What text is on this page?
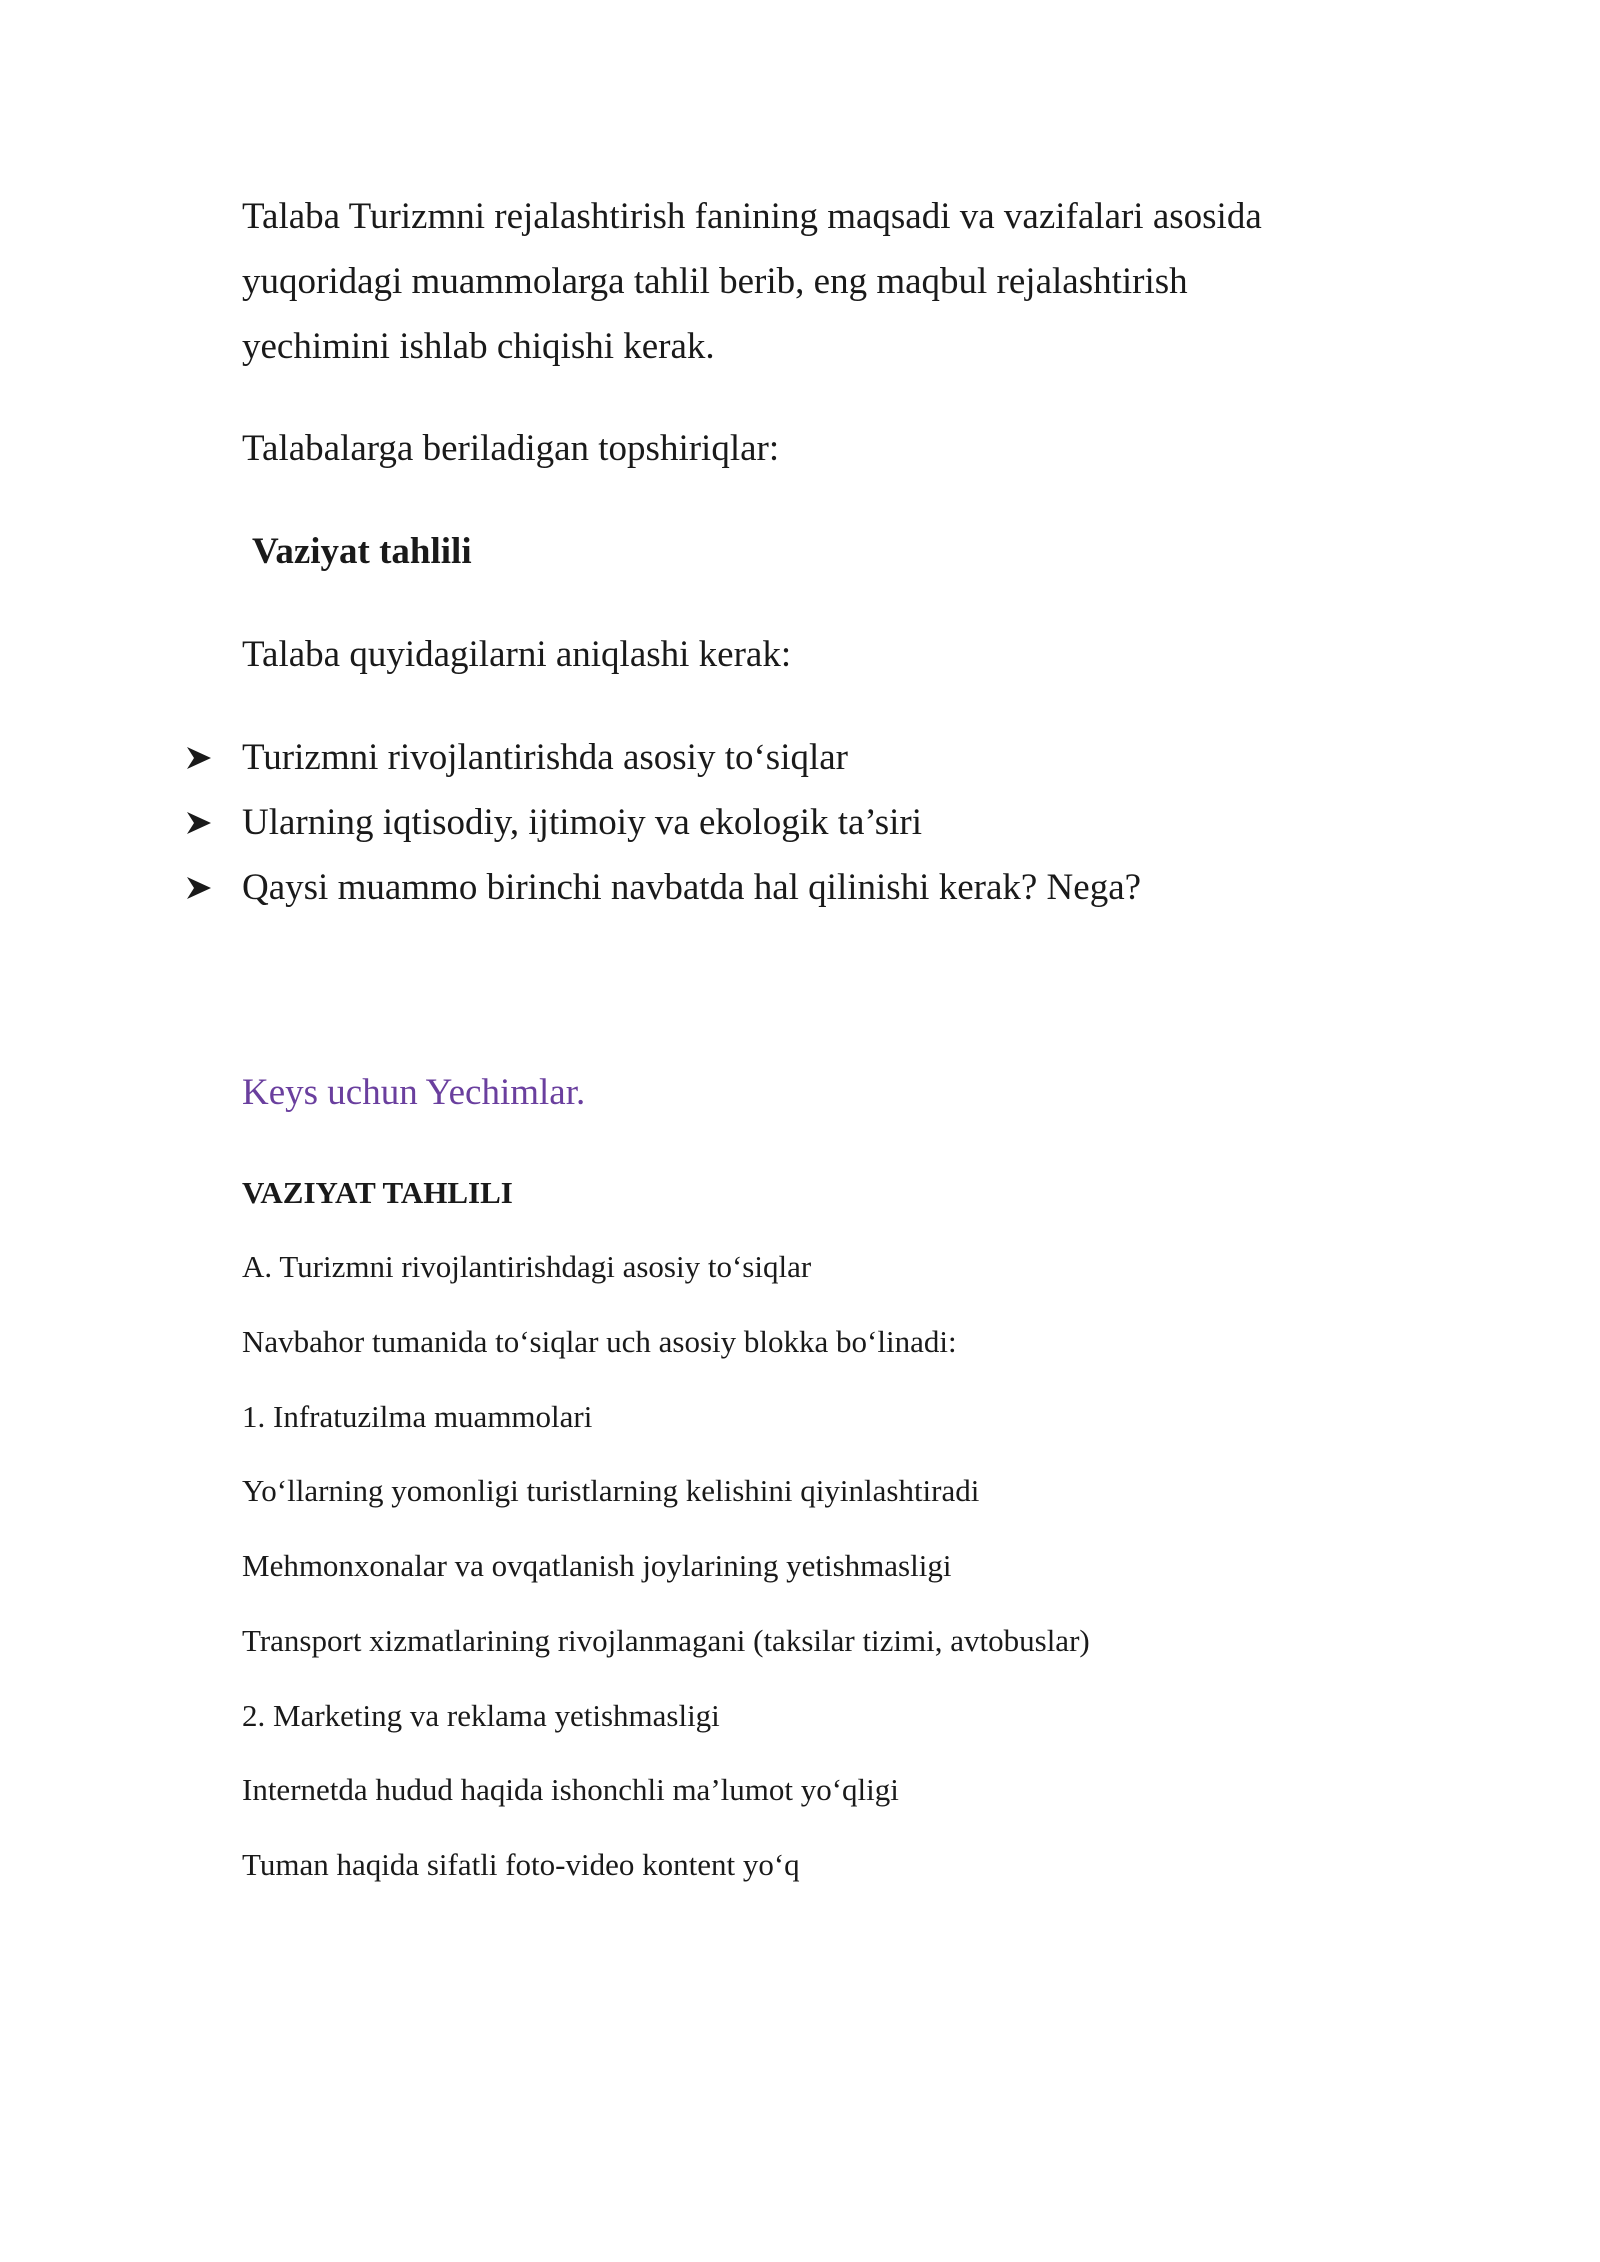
Talaba Turizmni rejalashtirish fanining maqsadi va vazifalari asosida
yuqoridagi muammolarga tahlil berib, eng maqbul rejalashtirish
yechimini ishlab chiqishi kerak.
Talabalarga beriladigan topshiriqlar:
Vaziyat tahlili
Talaba quyidagilarni aniqlashi kerak:
Turizmni rivojlantirishda asosiy to‘siqlar
Ularning iqtisodiy, ijtimoiy va ekologik ta’siri
Qaysi muammo birinchi navbatda hal qilinishi kerak? Nega?
Keys uchun Yechimlar.
VAZIYAT TAHLILI
A. Turizmni rivojlantirishdagi asosiy to‘siqlar
Navbahor tumanida to‘siqlar uch asosiy blokka bo‘linadi:
1. Infratuzilma muammolari
Yo‘llarning yomonligi turistlarning kelishini qiyinlashtiradi
Mehmonxonalar va ovqatlanish joylarining yetishmasligi
Transport xizmatlarining rivojlanmagani (taksilar tizimi, avtobuslar)
2. Marketing va reklama yetishmasligi
Internetda hudud haqida ishonchli ma’lumot yo‘qligi
Tuman haqida sifatli foto-video kontent yo‘q
